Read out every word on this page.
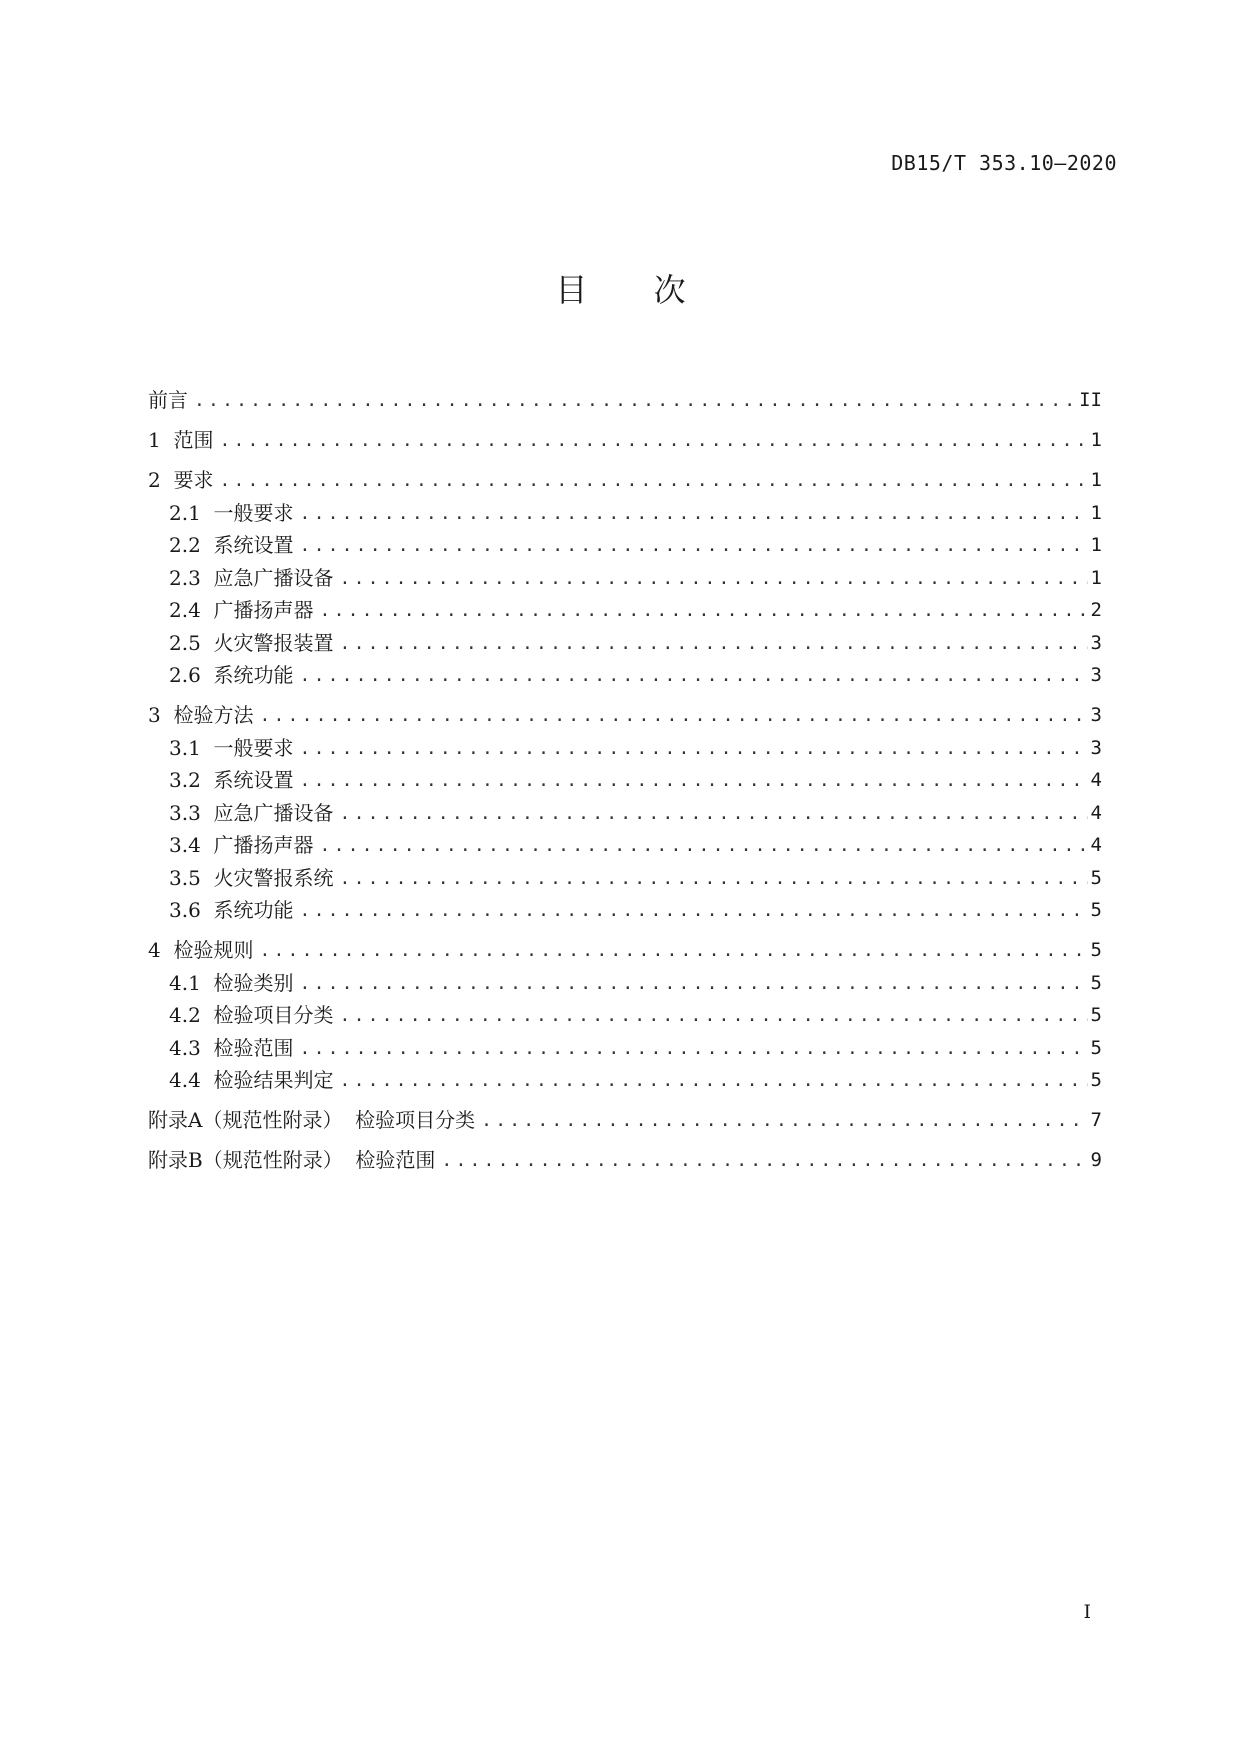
DB15/T 353.10—2020
目 次
前言 .....	II
1  范围 .....	1
2  要求 .....	1
2.1  一般要求 .....	1
2.2  系统设置 .....	1
2.3  应急广播设备 .....	1
2.4  广播扬声器 .....	2
2.5  火灾警报装置 .....	3
2.6  系统功能 .....	3
3  检验方法 .....	3
3.1  一般要求 .....	3
3.2  系统设置 .....	4
3.3  应急广播设备 .....	4
3.4  广播扬声器 .....	4
3.5  火灾警报系统 .....	5
3.6  系统功能 .....	5
4  检验规则 .....	5
4.1  检验类别 .....	5
4.2  检验项目分类 .....	5
4.3  检验范围 .....	5
4.4  检验结果判定 .....	5
附录A（规范性附录）  检验项目分类 .....	7
附录B（规范性附录）  检验范围 .....	9
I
